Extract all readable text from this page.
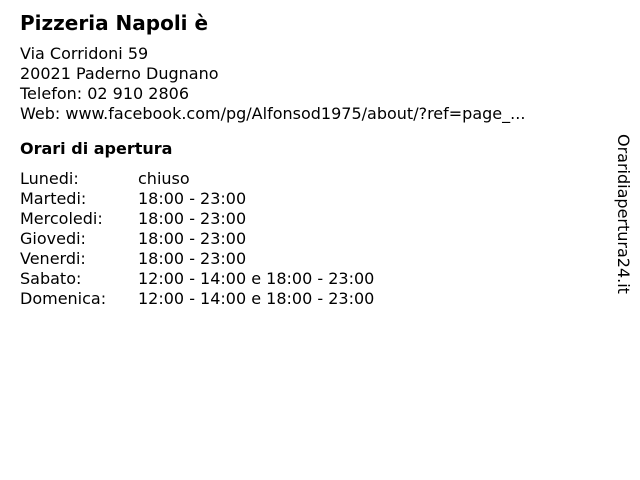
Pizzeria Napoli è
Via Corridoni 59
20021 Paderno Dugnano
Telefon: 02 910 2806
Web: www.facebook.com/pg/Alfonsod1975/about/?ref=page_...
Orari di apertura
Lunedi:	chiuso
Martedi:	18:00 - 23:00
Mercoledi:	18:00 - 23:00
Giovedi:	18:00 - 23:00
Venerdi:	18:00 - 23:00
Sabato:	12:00 - 14:00 e 18:00 - 23:00
Domenica:	12:00 - 14:00 e 18:00 - 23:00
Oraridiapertura24.it
